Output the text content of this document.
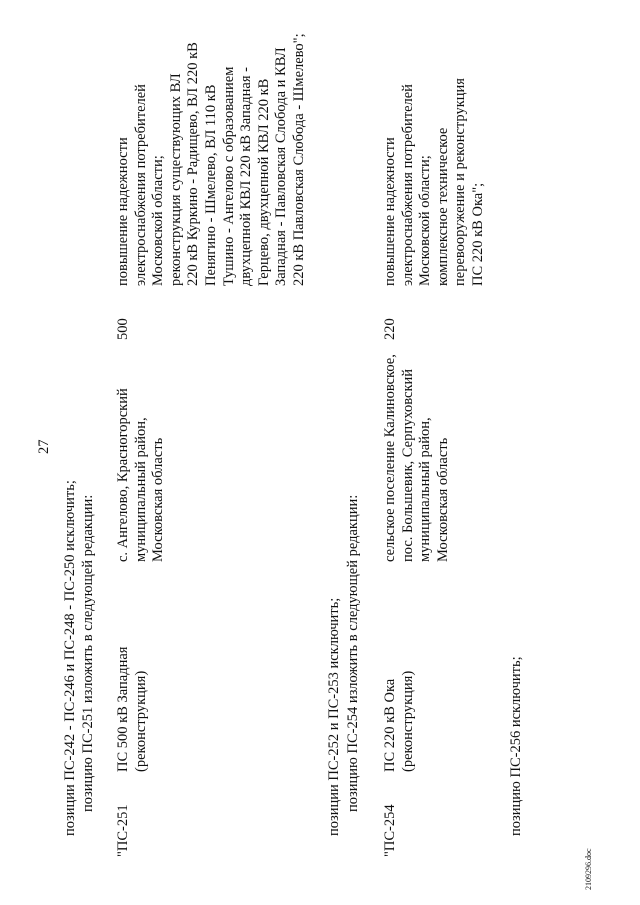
27
позиции ПС-242 - ПС-246 и ПС-248 - ПС-250 исключить; позицию ПС-251 изложить в следующей редакции:
"ПС-251
ПС 500 кВ Западная
(реконструкция)
с. Ангелово, Красногорский
муниципальный район,
Московская область
500
повышение надежности
электроснабжения потребителей
Московской области;
реконструкция существующих ВЛ
220 кВ Куркино - Радищево, ВЛ 220 кВ
Пенягино - Шмелево, ВЛ 110 кВ
Тушино - Ангелово с образованием
двухцепной КВЛ 220 кВ Западная -
Герцево, двухцепной КВЛ 220 кВ
Западная - Павловская Слобода и КВЛ
220 кВ Павловская Слобода - Шмелево";
позиции ПС-252 и ПС-253 исключить; позицию ПС-254 изложить в следующей редакции:
"ПС-254
ПС 220 кВ Ока
(реконструкция)
сельское поселение Калиновское,
пос. Большевик, Серпуховский
муниципальный район,
Московская область
220
повышение надежности
электроснабжения потребителей
Московской области;
комплексное техническое
перевооружение и реконструкция
ПС 220 кВ Ока";
позицию ПС-256 исключить;
2109296.doc
